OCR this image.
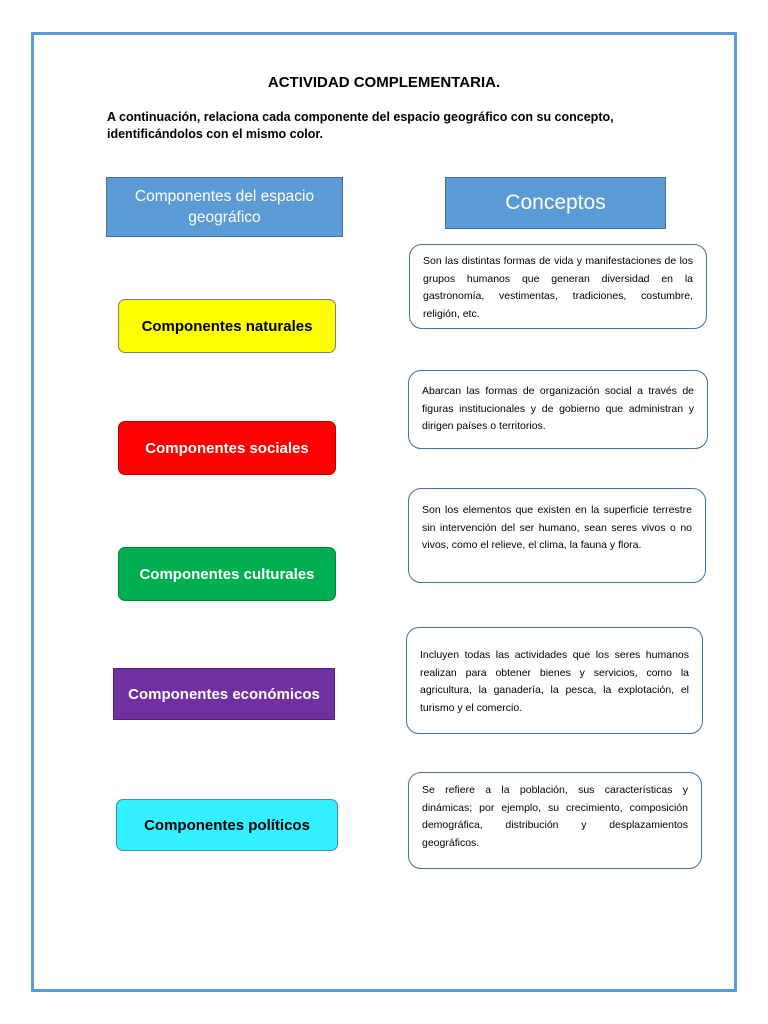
ACTIVIDAD COMPLEMENTARIA.
A continuación, relaciona cada componente del espacio geográfico con su concepto, identificándolos con el mismo color.
Componentes del espacio geográfico
Conceptos
Componentes naturales
Componentes sociales
Componentes culturales
Componentes económicos
Componentes políticos
Son las distintas formas de vida y manifestaciones de los grupos humanos que generan diversidad en la gastronomía, vestimentas, tradiciones, costumbre, religión, etc.
Abarcan las formas de organización social a través de figuras institucionales y de gobierno que administran y dirigen países o territorios.
Son los elementos que existen en la superficie terrestre sin intervención del ser humano, sean seres vivos o no vivos, como el relieve, el clima, la fauna y flora.
Incluyen todas las actividades que los seres humanos realizan para obtener bienes y servicios, como la agricultura, la ganadería, la pesca, la explotación, el turismo y el comercio.
Se refiere a la población, sus características y dinámicas; por ejemplo, su crecimiento, composición demográfica, distribución y desplazamientos geográficos.
